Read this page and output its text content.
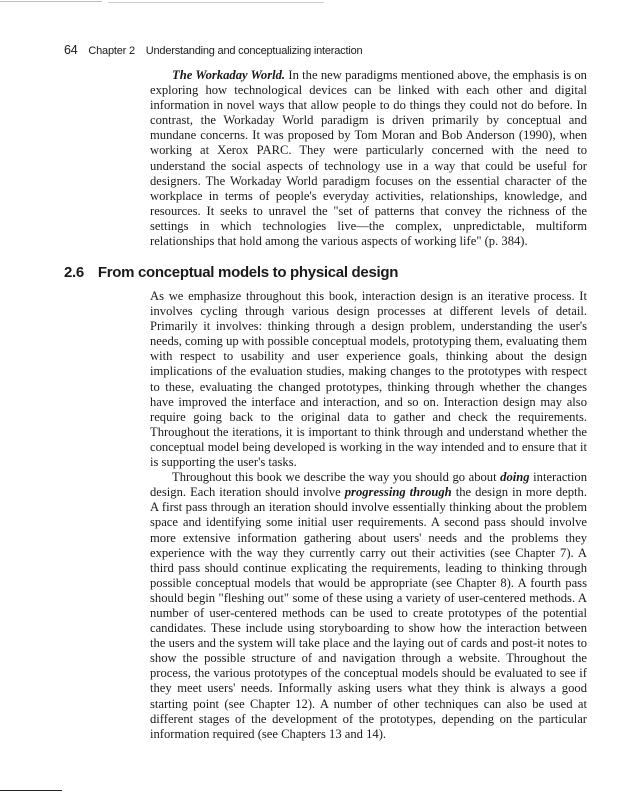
64 Chapter 2 Understanding and conceptualizing interaction

The Workaday World. In the new paradigms mentioned above, the emphasis is on exploring how technological devices can be linked with each other and digital information in novel ways that allow people to do things they could not do before. In contrast, the Workaday World paradigm is driven primarily by conceptual and mundane concerns. It was proposed by Tom Moran and Bob Anderson (1990), when working at Xerox PARC. They were particularly concerned with the need to understand the social aspects of technology use in a way that could be useful for designers. The Workaday World paradigm focuses on the essential character of the workplace in terms of people's everyday activities, relationships, knowledge, and resources. It seeks to unravel the "set of patterns that convey the richness of the settings in which technologies live—the complex, unpredictable, multiform relationships that hold among the various aspects of working life" (p. 384).

2.6 From conceptual models to physical design

As we emphasize throughout this book, interaction design is an iterative process. It involves cycling through various design processes at different levels of detail. Primarily it involves: thinking through a design problem, understanding the user's needs, coming up with possible conceptual models, prototyping them, evaluating them with respect to usability and user experience goals, thinking about the design implications of the evaluation studies, making changes to the prototypes with respect to these, evaluating the changed prototypes, thinking through whether the changes have improved the interface and interaction, and so on. Interaction design may also require going back to the original data to gather and check the requirements. Throughout the iterations, it is important to think through and understand whether the conceptual model being developed is working in the way intended and to ensure that it is supporting the user's tasks.

Throughout this book we describe the way you should go about doing interaction design. Each iteration should involve progressing through the design in more depth. A first pass through an iteration should involve essentially thinking about the problem space and identifying some initial user requirements. A second pass should involve more extensive information gathering about users' needs and the problems they experience with the way they currently carry out their activities (see Chapter 7). A third pass should continue explicating the requirements, leading to thinking through possible conceptual models that would be appropriate (see Chapter 8). A fourth pass should begin "fleshing out" some of these using a variety of user-centered methods. A number of user-centered methods can be used to create prototypes of the potential candidates. These include using storyboarding to show how the interaction between the users and the system will take place and the laying out of cards and post-it notes to show the possible structure of and navigation through a website. Throughout the process, the various prototypes of the conceptual models should be evaluated to see if they meet users' needs. Informally asking users what they think is always a good starting point (see Chapter 12). A number of other techniques can also be used at different stages of the development of the prototypes, depending on the particular information required (see Chapters 13 and 14).
